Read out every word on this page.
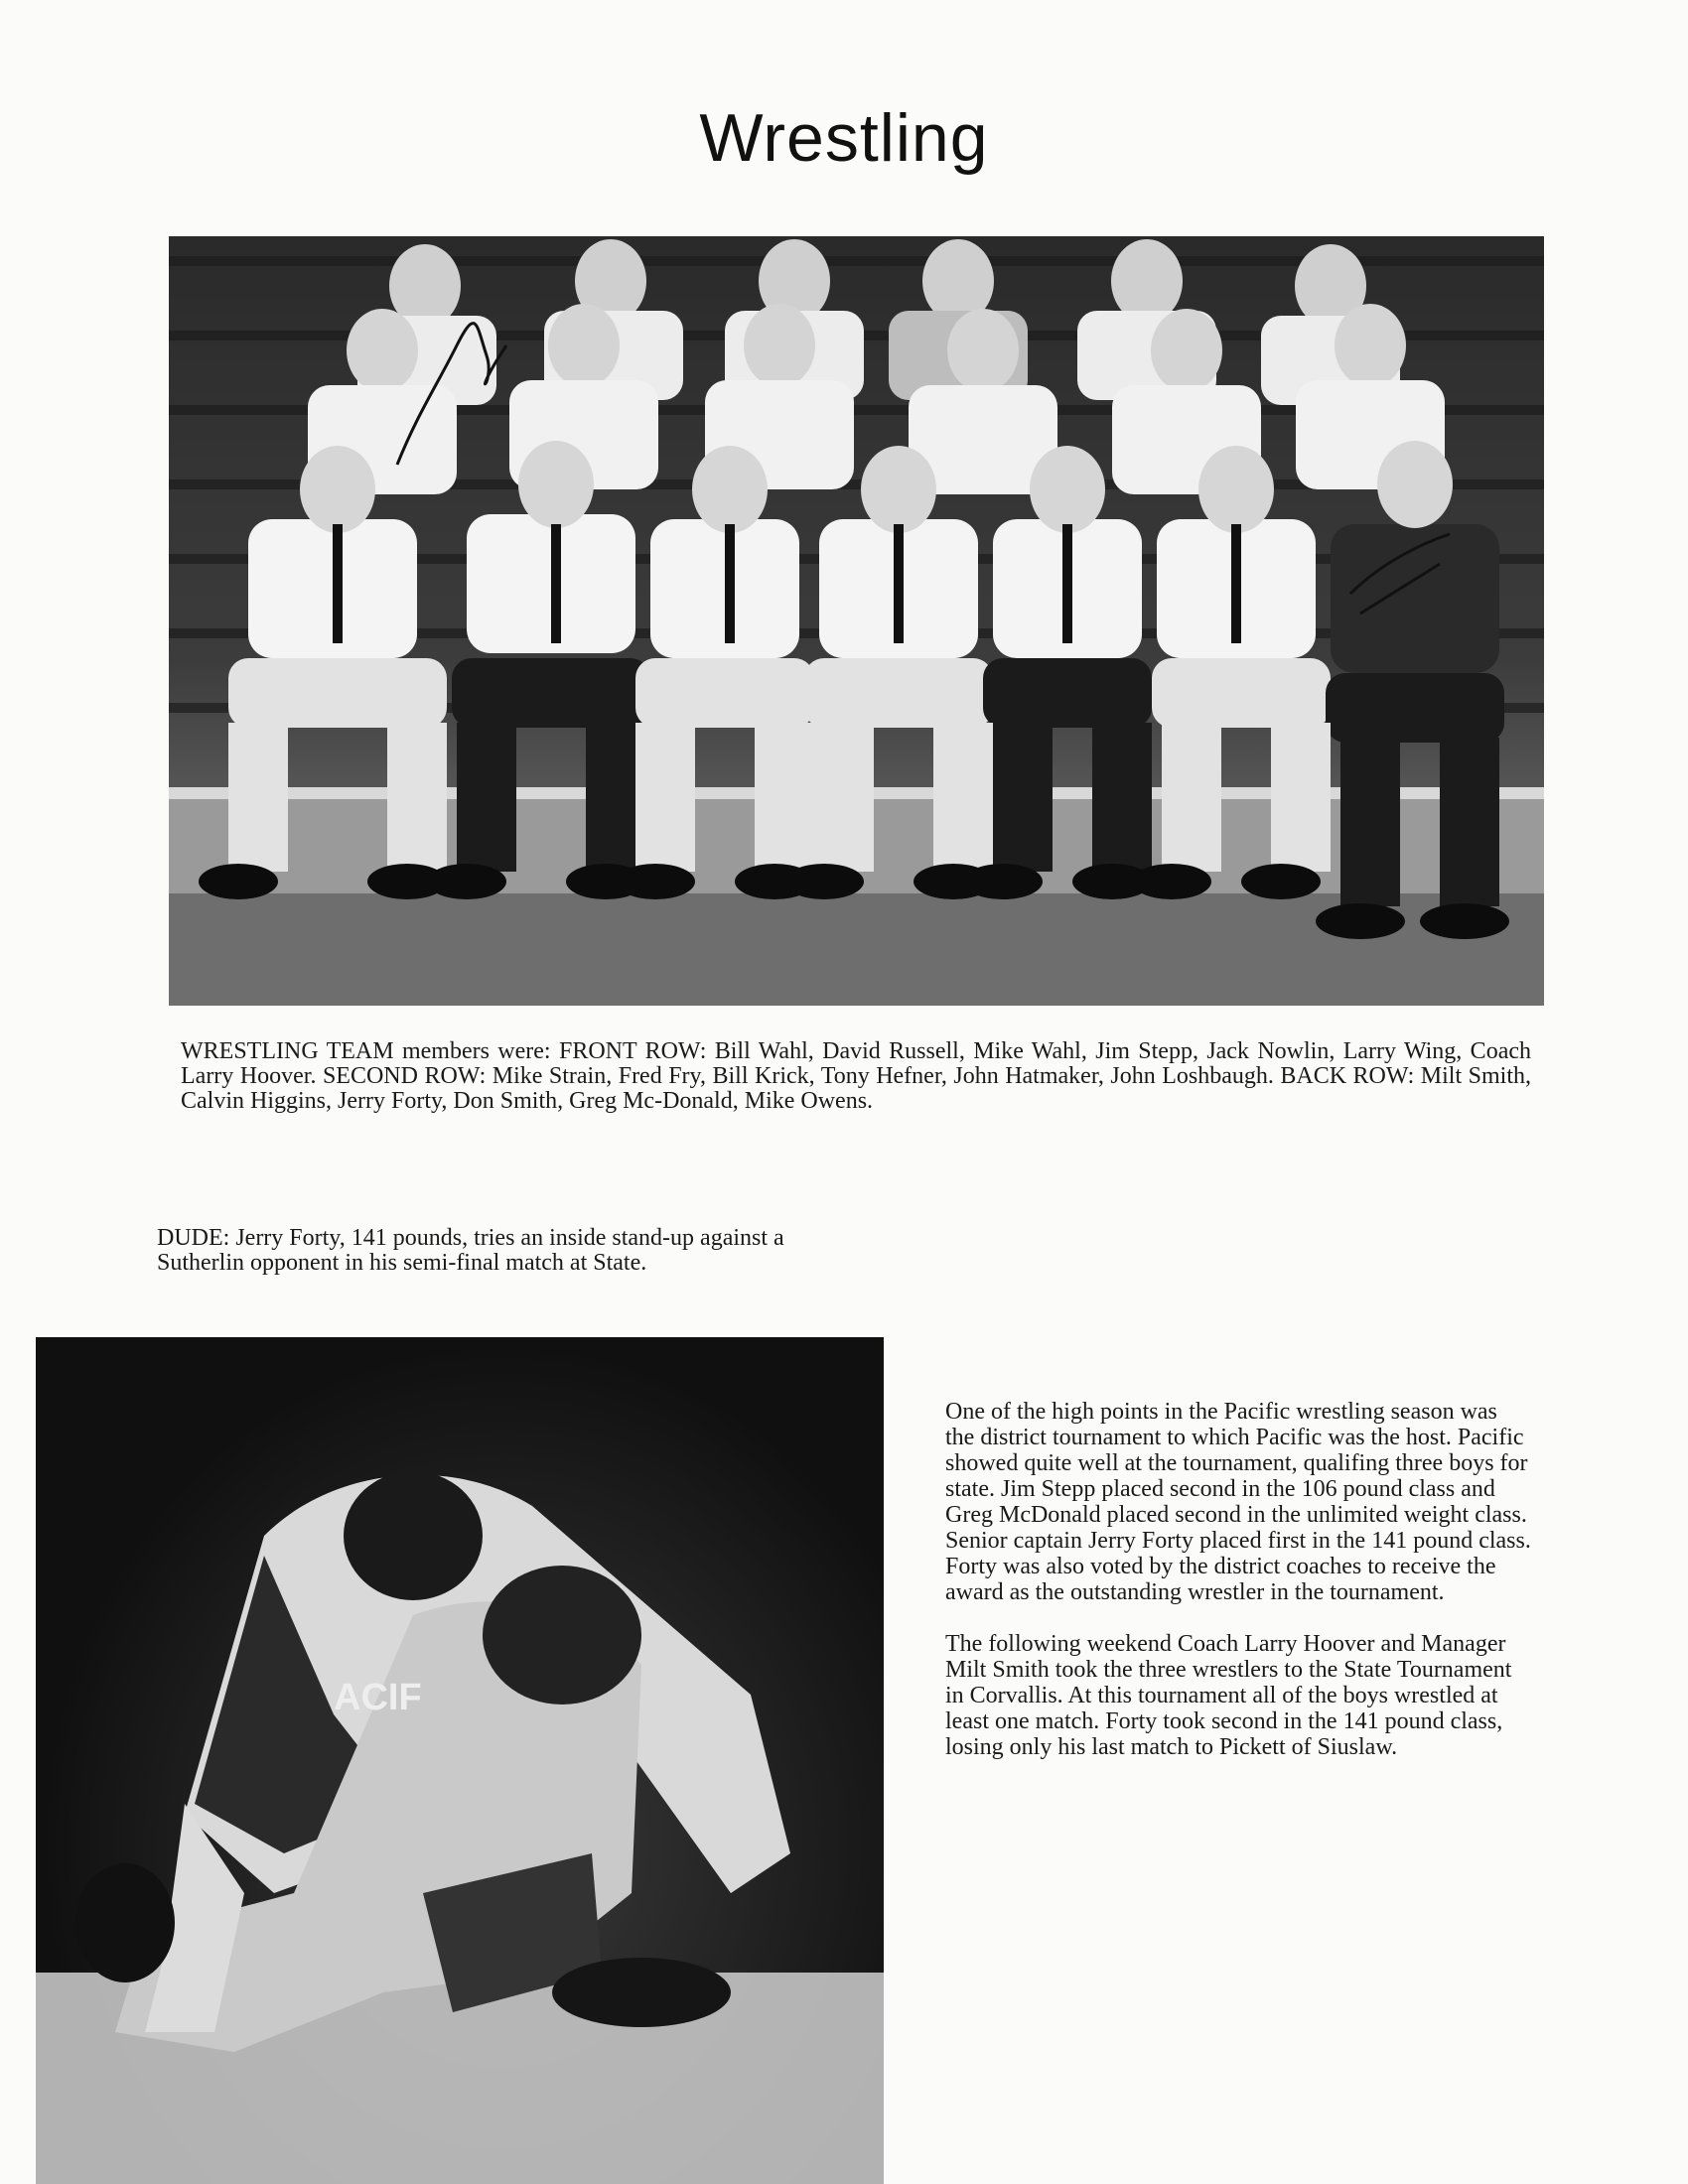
Wrestling
WRESTLING TEAM members were: FRONT ROW: Bill Wahl, David Russell, Mike Wahl, Jim Stepp, Jack Nowlin, Larry Wing, Coach Larry Hoover. SECOND ROW: Mike Strain, Fred Fry, Bill Krick, Tony Hefner, John Hatmaker, John Loshbaugh. BACK ROW: Milt Smith, Calvin Higgins, Jerry Forty, Don Smith, Greg Mc-Donald, Mike Owens.
DUDE: Jerry Forty, 141 pounds, tries an inside stand-up against a Sutherlin opponent in his semi-final match at State.
ACIF

One of the high points in the Pacific wrestling season was the district tournament to which Pacific was the host. Pacific showed quite well at the tournament, qualifing three boys for state. Jim Stepp placed second in the 106 pound class and Greg McDonald placed second in the unlimited weight class. Senior captain Jerry Forty placed first in the 141 pound class. Forty was also voted by the district coaches to receive the award as the outstanding wrestler in the tournament.

The following weekend Coach Larry Hoover and Manager Milt Smith took the three wrestlers to the State Tournament in Corvallis. At this tournament all of the boys wrestled at least one match. Forty took second in the 141 pound class, losing only his last match to Pickett of Siuslaw.
